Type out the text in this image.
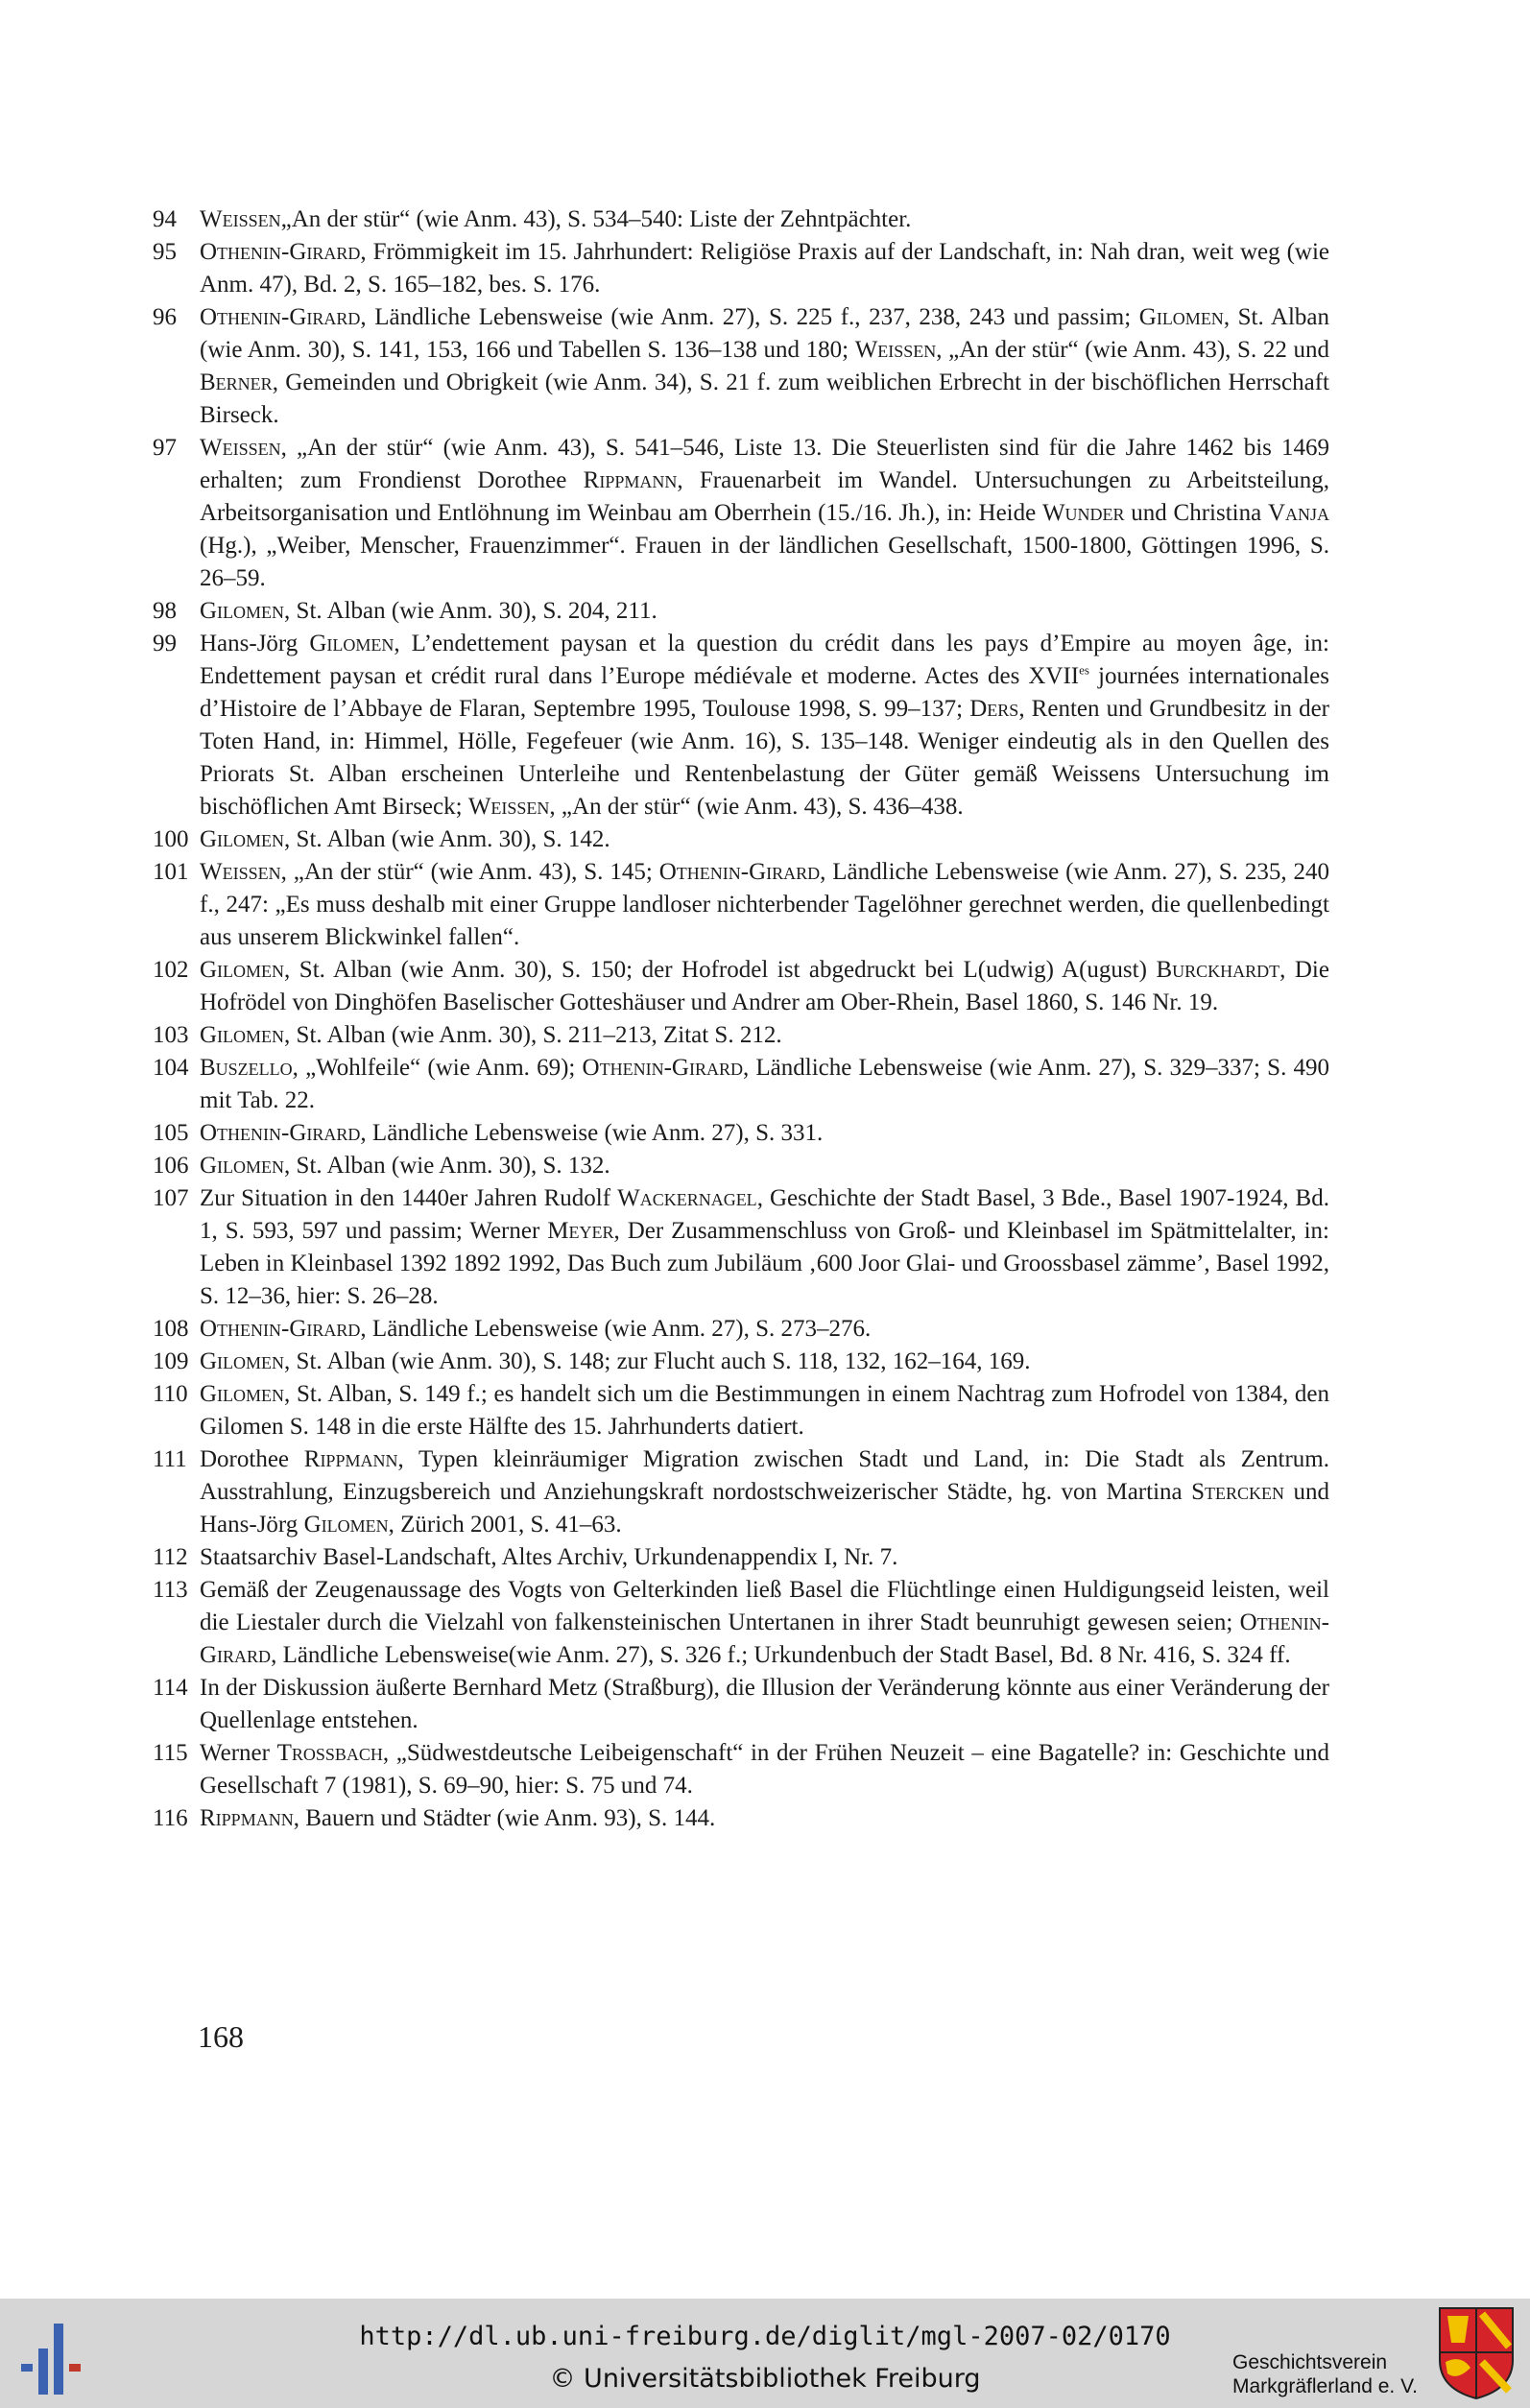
94 Weissen„An der stür“ (wie Anm. 43), S. 534–540: Liste der Zehntpächter.
95 Othenin-Girard, Frömmigkeit im 15. Jahrhundert: Religiöse Praxis auf der Landschaft, in: Nah dran, weit weg (wie Anm. 47), Bd. 2, S. 165–182, bes. S. 176.
96 Othenin-Girard, Ländliche Lebensweise (wie Anm. 27), S. 225 f., 237, 238, 243 und passim; Gilomen, St. Alban (wie Anm. 30), S. 141, 153, 166 und Tabellen S. 136–138 und 180; Weissen, „An der stür“ (wie Anm. 43), S. 22 und Berner, Gemeinden und Obrigkeit (wie Anm. 34), S. 21 f. zum weiblichen Erbrecht in der bischöflichen Herrschaft Birseck.
97 Weissen, „An der stür“ (wie Anm. 43), S. 541–546, Liste 13. Die Steuerlisten sind für die Jahre 1462 bis 1469 erhalten; zum Frondienst Dorothee Rippmann, Frauenarbeit im Wandel. Untersuchungen zu Arbeitsteilung, Arbeitsorganisation und Entlöhnung im Weinbau am Oberrhein (15./16. Jh.), in: Heide Wunder und Christina Vanja (Hg.), „Weiber, Menscher, Frauenzimmer“. Frauen in der ländlichen Gesellschaft, 1500-1800, Göttingen 1996, S. 26–59.
98 Gilomen, St. Alban (wie Anm. 30), S. 204, 211.
99 Hans-Jörg Gilomen, L’endettement paysan et la question du crédit dans les pays d’Empire au moyen âge, in: Endettement paysan et crédit rural dans l’Europe médiévale et moderne. Actes des $XVII^{es}$ journées internationales d’Histoire de l’Abbaye de Flaran, Septembre 1995, Toulouse 1998, S. 99–137; Ders, Renten und Grundbesitz in der Toten Hand, in: Himmel, Hölle, Fegefeuer (wie Anm. 16), S. 135–148. Weniger eindeutig als in den Quellen des Priorats St. Alban erscheinen Unterleihe und Rentenbelastung der Güter gemäß Weissens Untersuchung im bischöflichen Amt Birseck; Weissen, „An der stür“ (wie Anm. 43), S. 436–438.
100 Gilomen, St. Alban (wie Anm. 30), S. 142.
101 Weissen, „An der stür“ (wie Anm. 43), S. 145; Othenin-Girard, Ländliche Lebensweise (wie Anm. 27), S. 235, 240 f., 247: „Es muss deshalb mit einer Gruppe landloser nichterbender Tagelöhner gerechnet werden, die quellenbedingt aus unserem Blickwinkel fallen“.
102 Gilomen, St. Alban (wie Anm. 30), S. 150; der Hofrodel ist abgedruckt bei L(udwig) A(ugust) Burckhardt, Die Hofrödel von Dinghöfen Baselischer Gotteshäuser und Andrer am Ober-Rhein, Basel 1860, S. 146 Nr. 19.
103 Gilomen, St. Alban (wie Anm. 30), S. 211–213, Zitat S. 212.
104 Buszello, „Wohlfeile“ (wie Anm. 69); Othenin-Girard, Ländliche Lebensweise (wie Anm. 27), S. 329–337; S. 490 mit Tab. 22.
105 Othenin-Girard, Ländliche Lebensweise (wie Anm. 27), S. 331.
106 Gilomen, St. Alban (wie Anm. 30), S. 132.
107 Zur Situation in den 1440er Jahren Rudolf Wackernagel, Geschichte der Stadt Basel, 3 Bde., Basel 1907-1924, Bd. 1, S. 593, 597 und passim; Werner Meyer, Der Zusammenschluss von Groß- und Kleinbasel im Spätmittelalter, in: Leben in Kleinbasel 1392 1892 1992, Das Buch zum Jubiläum ‚600 Joor Glai- und Groossbasel zämme’, Basel 1992, S. 12–36, hier: S. 26–28.
108 Othenin-Girard, Ländliche Lebensweise (wie Anm. 27), S. 273–276.
109 Gilomen, St. Alban (wie Anm. 30), S. 148; zur Flucht auch S. 118, 132, 162–164, 169.
110 Gilomen, St. Alban, S. 149 f.; es handelt sich um die Bestimmungen in einem Nachtrag zum Hofrodel von 1384, den Gilomen S. 148 in die erste Hälfte des 15. Jahrhunderts datiert.
111 Dorothee Rippmann, Typen kleinräumiger Migration zwischen Stadt und Land, in: Die Stadt als Zentrum. Ausstrahlung, Einzugsbereich und Anziehungskraft nordostschweizerischer Städte, hg. von Martina Stercken und Hans-Jörg Gilomen, Zürich 2001, S. 41–63.
112 Staatsarchiv Basel-Landschaft, Altes Archiv, Urkundenappendix I, Nr. 7.
113 Gemäß der Zeugenaussage des Vogts von Gelterkinden ließ Basel die Flüchtlinge einen Huldigungseid leisten, weil die Liestaler durch die Vielzahl von falkensteinischen Untertanen in ihrer Stadt beunruhigt gewesen seien; Othenin-Girard, Ländliche Lebensweise(wie Anm. 27), S. 326 f.; Urkundenbuch der Stadt Basel, Bd. 8 Nr. 416, S. 324 ff.
114 In der Diskussion äußerte Bernhard Metz (Straßburg), die Illusion der Veränderung könnte aus einer Veränderung der Quellenlage entstehen.
115 Werner Trossbach, „Südwestdeutsche Leibeigenschaft“ in der Frühen Neuzeit – eine Bagatelle? in: Geschichte und Gesellschaft 7 (1981), S. 69–90, hier: S. 75 und 74.
116 Rippmann, Bauern und Städter (wie Anm. 93), S. 144.
168
http://dl.ub.uni-freiburg.de/diglit/mgl-2007-02/0170
© Universitätsbibliothek Freiburg
Geschichtsverein
Markgräflerland e. V.
